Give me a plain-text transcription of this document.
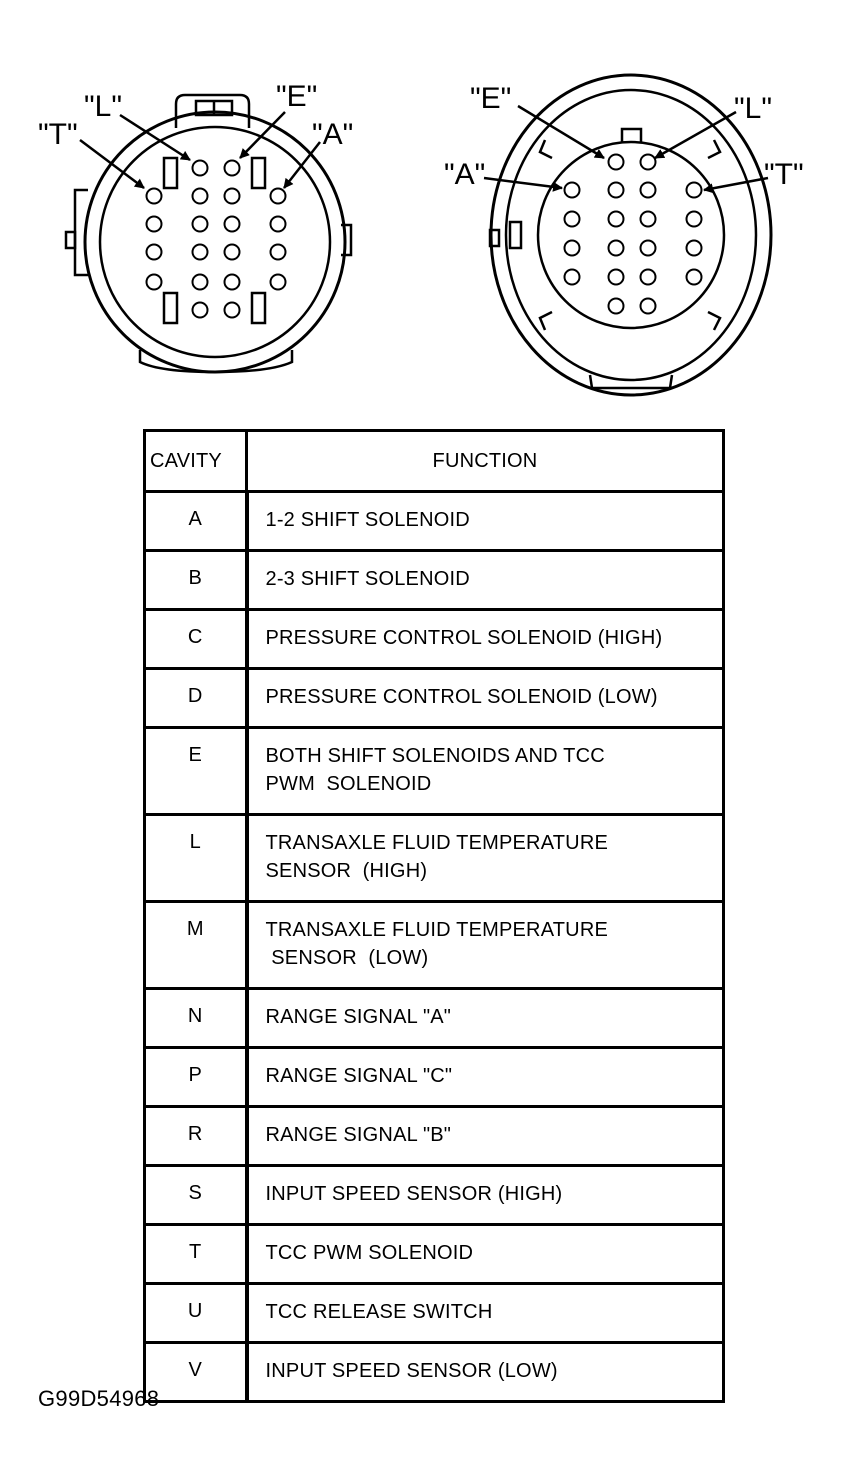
"T"
"L"	"E"
"A"
"E"	"L"
"A"	"T"
CAVITY	FUNCTION
A	1-2 SHIFT SOLENOID

B	2-3 SHIFT SOLENOID

C	PRESSURE CONTROL SOLENOID (HIGH)

D	PRESSURE CONTROL SOLENOID (LOW)

E	BOTH SHIFT SOLENOIDS AND TCC
PWM  SOLENOID

L	TRANSAXLE FLUID TEMPERATURE
SENSOR  (HIGH)

M	TRANSAXLE FLUID TEMPERATURE
SENSOR  (LOW)

N	RANGE SIGNAL "A"

P	RANGE SIGNAL "C"

R	RANGE SIGNAL "B"

S	INPUT SPEED SENSOR (HIGH)

T	TCC PWM SOLENOID

U	TCC RELEASE SWITCH

V	INPUT SPEED SENSOR (LOW)
G99D54968
